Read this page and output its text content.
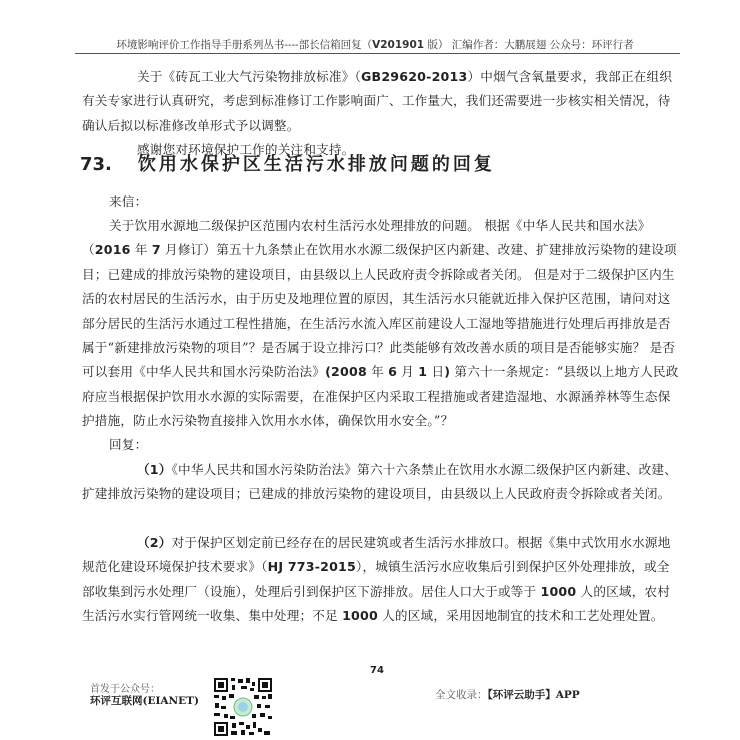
环境影响评价工作指导手册系列丛书----部长信箱回复（V201901 版） 汇编作者：大鹏展翅 公众号：环评行者
关于《砖瓦工业大气污染物排放标准》（GB29620-2013）中烟气含氧量要求，我部正在组织有关专家进行认真研究，考虑到标准修订工作影响面广、工作量大，我们还需要进一步核实相关情况，待确认后拟以标准修改单形式予以调整。
感谢您对环境保护工作的关注和支持。
73. 饮用水保护区生活污水排放问题的回复
来信：
关于饮用水源地二级保护区范围内农村生活污水处理排放的问题。 根据《中华人民共和国水法》（2016 年 7 月修订）第五十九条禁止在饮用水水源二级保护区内新建、改建、扩建排放污染物的建设项目；已建成的排放污染物的建设项目，由县级以上人民政府责令拆除或者关闭。 但是对于二级保护区内生活的农村居民的生活污水，由于历史及地理位置的原因，其生活污水只能就近排入保护区范围，请问对这部分居民的生活污水通过工程性措施，在生活污水流入库区前建设人工湿地等措施进行处理后再排放是否属于“新建排放污染物的项目”？是否属于设立排污口？此类能够有效改善水质的项目是否能够实施？ 是否可以套用《中华人民共和国水污染防治法》(2008 年 6 月 1 日) 第六十一条规定：“县级以上地方人民政府应当根据保护饮用水水源的实际需要，在准保护区内采取工程措施或者建造湿地、水源涵养林等生态保护措施，防止水污染物直接排入饮用水水体，确保饮用水安全。”？
回复：
（1）《中华人民共和国水污染防治法》第六十六条禁止在饮用水水源二级保护区内新建、改建、扩建排放污染物的建设项目；已建成的排放污染物的建设项目，由县级以上人民政府责令拆除或者关闭。
（2）对于保护区划定前已经存在的居民建筑或者生活污水排放口。根据《集中式饮用水水源地规范化建设环境保护技术要求》（HJ 773-2015），城镇生活污水应收集后引到保护区外处理排放，或全部收集到污水处理厂（设施），处理后引到保护区下游排放。居住人口大于或等于 1000 人的区域，农村生活污水实行管网统一收集、集中处理；不足 1000 人的区域，采用因地制宜的技术和工艺处理处置。
74
首发于公众号：
环评互联网(EIANET)	全文收录：【环评云助手】APP
